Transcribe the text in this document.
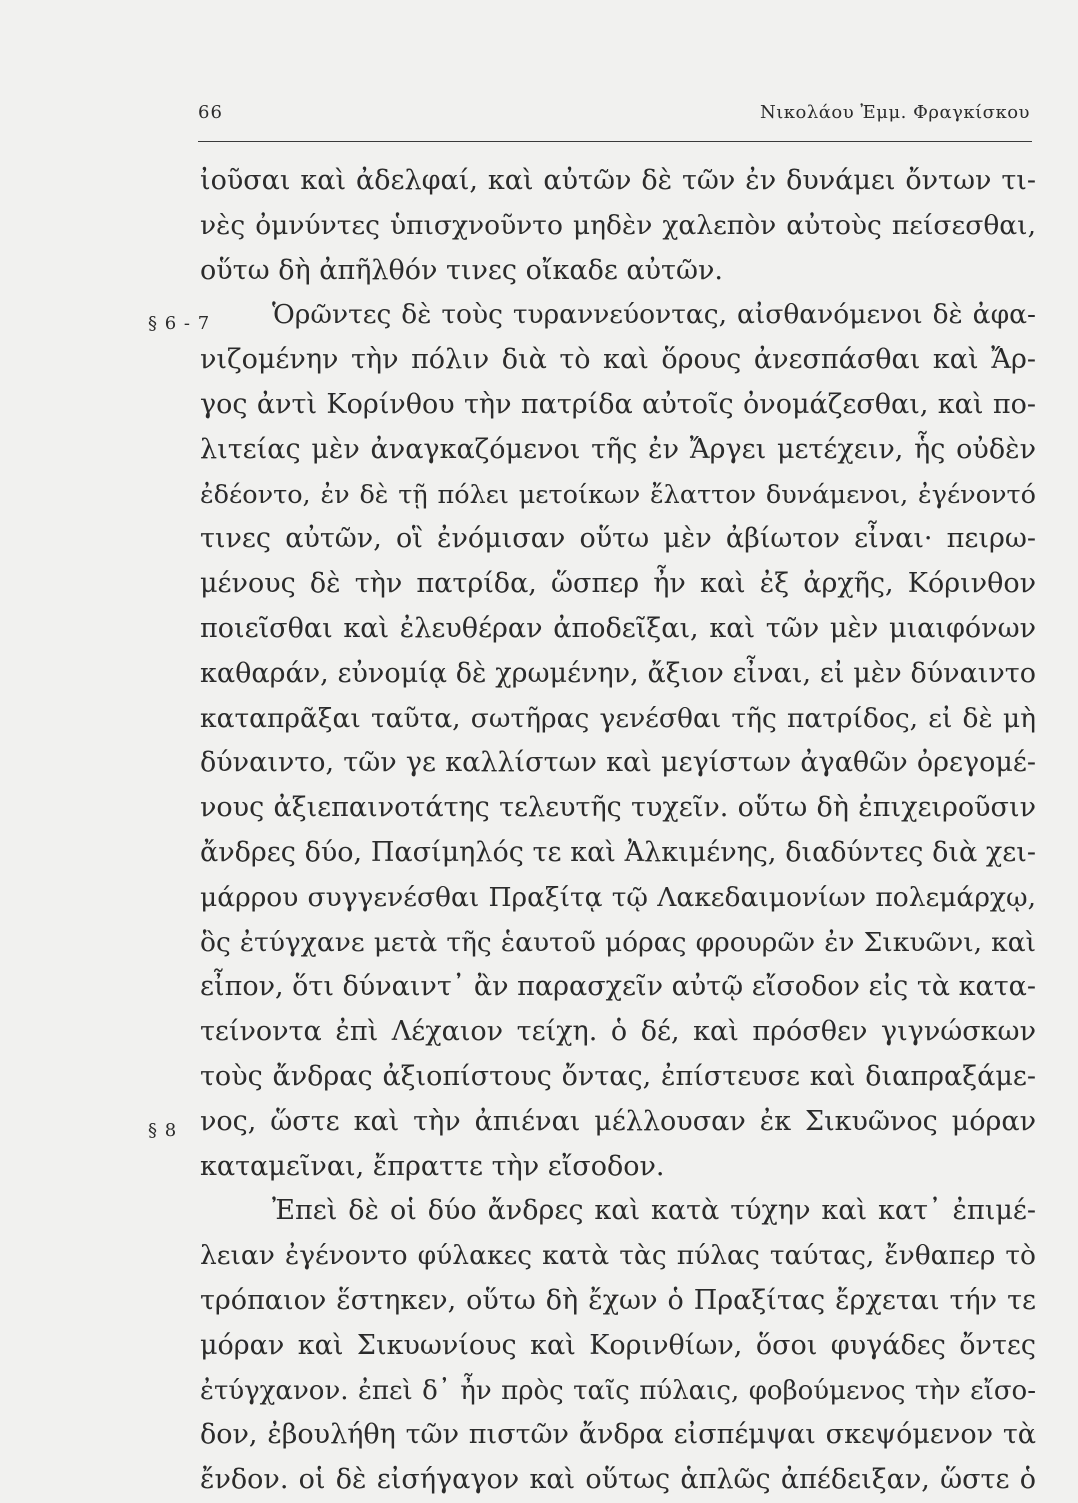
66	Νικολάου Ἐμμ. Φραγκίσκου
§ 6 - 7
§ 8
ἰοῦσαι καὶ ἀδελφαί, καὶ αὐτῶν δὲ τῶν ἐν δυνάμει ὄντων τι-
νὲς ὀμνύντες ὑπισχνοῦντο μηδὲν χαλεπὸν αὐτοὺς πείσεσθαι,
οὕτω δὴ ἀπῆλθόν τινες οἴκαδε αὐτῶν.
Ὁρῶντες δὲ τοὺς τυραννεύοντας, αἰσθανόμενοι δὲ ἀφα-
νιζομένην τὴν πόλιν διὰ τὸ καὶ ὅρους ἀνεσπάσθαι καὶ Ἄρ-
γος ἀντὶ Κορίνθου τὴν πατρίδα αὐτοῖς ὀνομάζεσθαι, καὶ πο-
λιτείας μὲν ἀναγκαζόμενοι τῆς ἐν Ἄργει μετέχειν, ἧς οὐδὲν
ἐδέοντο, ἐν δὲ τῇ πόλει μετοίκων ἔλαττον δυνάμενοι, ἐγένοντό
τινες αὐτῶν, οἳ ἐνόμισαν οὕτω μὲν ἀβίωτον εἶναι· πειρω-
μένους δὲ τὴν πατρίδα, ὥσπερ ἦν καὶ ἐξ ἀρχῆς, Κόρινθον
ποιεῖσθαι καὶ ἐλευθέραν ἀποδεῖξαι, καὶ τῶν μὲν μιαιφόνων
καθαράν, εὐνομίᾳ δὲ χρωμένην, ἄξιον εἶναι, εἰ μὲν δύναιντο
καταπρᾶξαι ταῦτα, σωτῆρας γενέσθαι τῆς πατρίδος, εἰ δὲ μὴ
δύναιντο, τῶν γε καλλίστων καὶ μεγίστων ἀγαθῶν ὀρεγομέ-
νους ἀξιεπαινοτάτης τελευτῆς τυχεῖν. οὕτω δὴ ἐπιχειροῦσιν
ἄνδρες δύο, Πασίμηλός τε καὶ Ἀλκιμένης, διαδύντες διὰ χει-
μάρρου συγγενέσθαι Πραξίτᾳ τῷ Λακεδαιμονίων πολεμάρχῳ,
ὃς ἐτύγχανε μετὰ τῆς ἑαυτοῦ μόρας φρουρῶν ἐν Σικυῶνι, καὶ
εἶπον, ὅτι δύναιντ᾽ ἂν παρασχεῖν αὐτῷ εἴσοδον εἰς τὰ κατα-
τείνοντα ἐπὶ Λέχαιον τείχη. ὁ δέ, καὶ πρόσθεν γιγνώσκων
τοὺς ἄνδρας ἀξιοπίστους ὄντας, ἐπίστευσε καὶ διαπραξάμε-
νος, ὥστε καὶ τὴν ἀπιέναι μέλλουσαν ἐκ Σικυῶνος μόραν
καταμεῖναι, ἔπραττε τὴν εἴσοδον.
Ἐπεὶ δὲ οἱ δύο ἄνδρες καὶ κατὰ τύχην καὶ κατ᾽ ἐπιμέ-
λειαν ἐγένοντο φύλακες κατὰ τὰς πύλας ταύτας, ἔνθαπερ τὸ
τρόπαιον ἕστηκεν, οὕτω δὴ ἔχων ὁ Πραξίτας ἔρχεται τήν τε
μόραν καὶ Σικυωνίους καὶ Κορινθίων, ὅσοι φυγάδες ὄντες
ἐτύγχανον. ἐπεὶ δ᾽ ἦν πρὸς ταῖς πύλαις, φοβούμενος τὴν εἴσο-
δον, ἐβουλήθη τῶν πιστῶν ἄνδρα εἰσπέμψαι σκεψόμενον τὰ
ἔνδον. οἱ δὲ εἰσήγαγον καὶ οὕτως ἁπλῶς ἀπέδειξαν, ὥστε ὁ
